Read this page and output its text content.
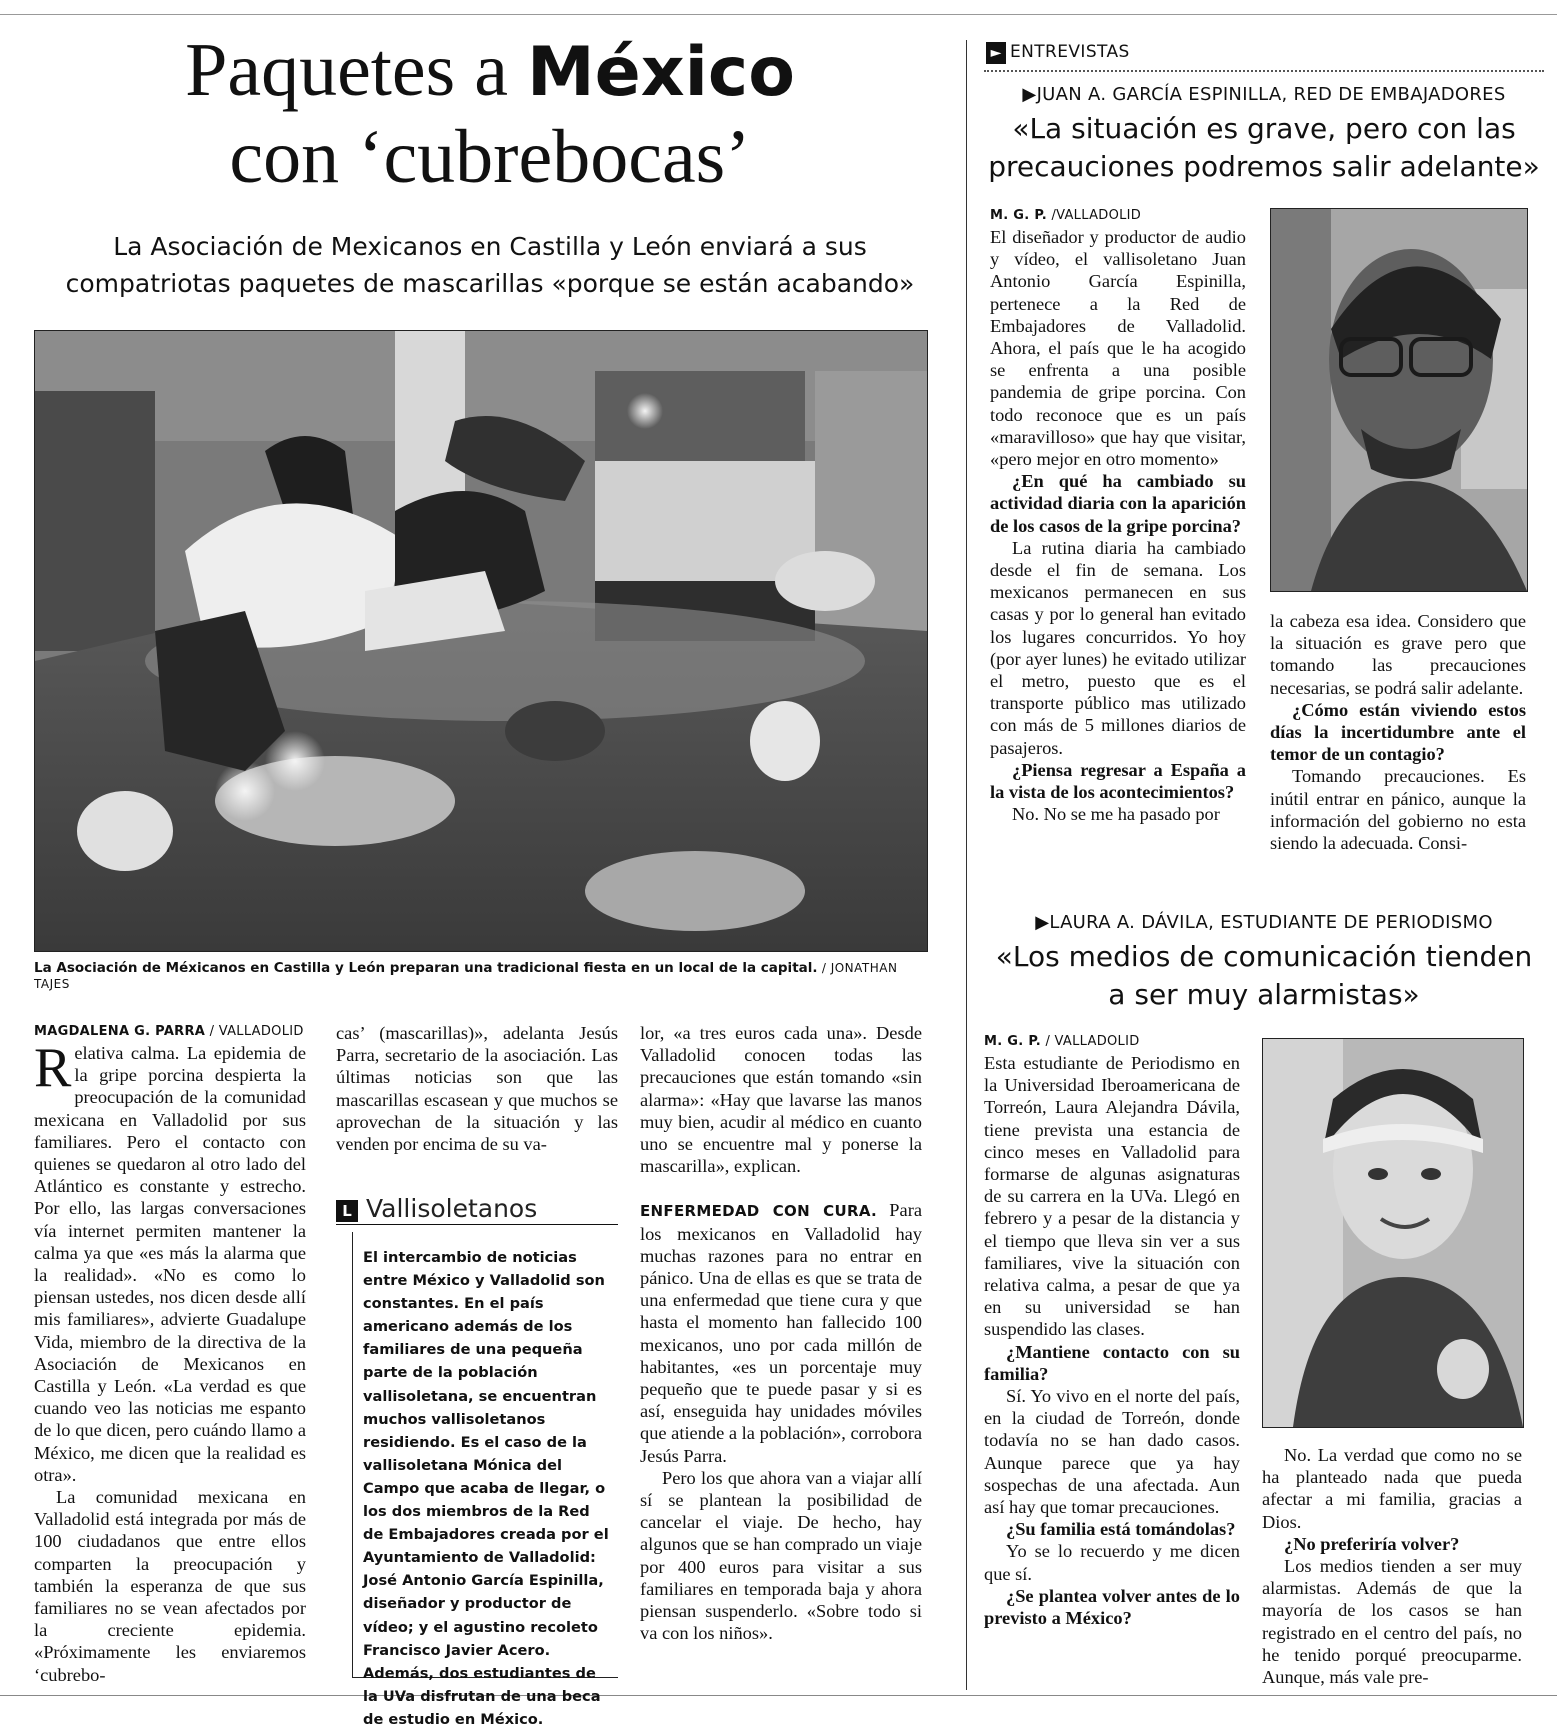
Paquetes a México
con ‘cubrebocas’
La Asociación de Mexicanos en Castilla y León enviará a sus
compatriotas paquetes de mascarillas «porque se están acabando»
La Asociación de Méxicanos en Castilla y León preparan una tradicional fiesta en un local de la capital. / JONATHAN TAJES
MAGDALENA G. PARRA / VALLADOLID

Relativa calma. La epidemia de la gripe porcina despierta la preocupación de la comunidad mexicana en Valladolid por sus familiares. Pero el contacto con quienes se quedaron al otro lado del Atlántico es constante y estrecho. Por ello, las largas conversaciones vía internet permiten mantener la calma ya que «es más la alarma que la realidad». «No es como lo piensan ustedes, nos dicen desde allí mis familiares», advierte Guadalupe Vida, miembro de la directiva de la Asociación de Mexicanos en Castilla y León. «La verdad es que cuando veo las noticias me espanto de lo que dicen, pero cuándo llamo a México, me dicen que la realidad es otra».

La comunidad mexicana en Valladolid está integrada por más de 100 ciudadanos que entre ellos comparten la preocupación y también la esperanza de que sus familiares no se vean afectados por la creciente epidemia. «Próximamente les enviaremos ‘cubrebo-

cas’ (mascarillas)», adelanta Jesús Parra, secretario de la asociación. Las últimas noticias son que las mascarillas escasean y que muchos se aprovechan de la situación y las venden por encima de su va-

L Vallisoletanos

El intercambio de noticias entre México y Valladolid son constantes. En el país americano además de los familiares de una pequeña parte de la población vallisoletana, se encuentran muchos vallisoletanos residiendo. Es el caso de la vallisoletana Mónica del Campo que acaba de llegar, o los dos miembros de la Red de Embajadores creada por el Ayuntamiento de Valladolid: José Antonio García Espinilla, diseñador y productor de vídeo; y el agustino recoleto Francisco Javier Acero. Además, dos estudiantes de la UVa disfrutan de una beca de estudio en México.

lor, «a tres euros cada una». Desde Valladolid conocen todas las precauciones que están tomando «sin alarma»: «Hay que lavarse las manos muy bien, acudir al médico en cuanto uno se encuentre mal y ponerse la mascarilla», explican.

ENFERMEDAD CON CURA. Para los mexicanos en Valladolid hay muchas razones para no entrar en pánico. Una de ellas es que se trata de una enfermedad que tiene cura y que hasta el momento han fallecido 100 mexicanos, uno por cada millón de habitantes, «es un porcentaje muy pequeño que te puede pasar y si es así, enseguida hay unidades móviles que atiende a la población», corrobora Jesús Parra.

Pero los que ahora van a viajar allí sí se plantean la posibilidad de cancelar el viaje. De hecho, hay algunos que se han comprado un viaje por 400 euros para visitar a sus familiares en temporada baja y ahora piensan suspenderlo. «Sobre todo si va con los niños».

► ENTREVISTAS
▶JUAN A. GARCÍA ESPINILLA, RED DE EMBAJADORES
«La situación es grave, pero con las
precauciones podremos salir adelante»
M. G. P. /VALLADOLID

El diseñador y productor de audio y vídeo, el vallisoletano Juan Antonio García Espinilla, pertenece a la Red de Embajadores de Valladolid. Ahora, el país que le ha acogido se enfrenta a una posible pandemia de gripe porcina. Con todo reconoce que es un país «maravilloso» que hay que visitar, «pero mejor en otro momento»

¿En qué ha cambiado su actividad diaria con la aparición de los casos de la gripe porcina?

La rutina diaria ha cambiado desde el fin de semana. Los mexicanos permanecen en sus casas y por lo general han evitado los lugares concurridos. Yo hoy (por ayer lunes) he evitado utilizar el metro, puesto que es el transporte público mas utilizado con más de 5 millones diarios de pasajeros.

¿Piensa regresar a España a la vista de los acontecimientos?

No. No se me ha pasado por

la cabeza esa idea. Considero que la situación es grave pero que tomando las precauciones necesarias, se podrá salir adelante.

¿Cómo están viviendo estos días la incertidumbre ante el temor de un contagio?

Tomando precauciones. Es inútil entrar en pánico, aunque la información del gobierno no esta siendo la adecuada. Consi-

▶LAURA A. DÁVILA, ESTUDIANTE DE PERIODISMO
«Los medios de comunicación tienden
a ser muy alarmistas»
M. G. P. / VALLADOLID

Esta estudiante de Periodismo en la Universidad Iberoamericana de Torreón, Laura Alejandra Dávila, tiene prevista una estancia de cinco meses en Valladolid para formarse de algunas asignaturas de su carrera en la UVa. Llegó en febrero y a pesar de la distancia y el tiempo que lleva sin ver a sus familiares, vive la situación con relativa calma, a pesar de que ya en su universidad se han suspendido las clases.

¿Mantiene contacto con su familia?

Sí. Yo vivo en el norte del país, en la ciudad de Torreón, donde todavía no se han dado casos. Aunque parece que ya hay sospechas de una afectada. Aun así hay que tomar precauciones.

¿Su familia está tomándolas?

Yo se lo recuerdo y me dicen que sí.

¿Se plantea volver antes de lo previsto a México?

No. La verdad que como no se ha planteado nada que pueda afectar a mi familia, gracias a Dios.

¿No preferiría volver?

Los medios tienden a ser muy alarmistas. Además de que la mayoría de los casos se han registrado en el centro del país, no he tenido porqué preocuparme. Aunque, más vale pre-
